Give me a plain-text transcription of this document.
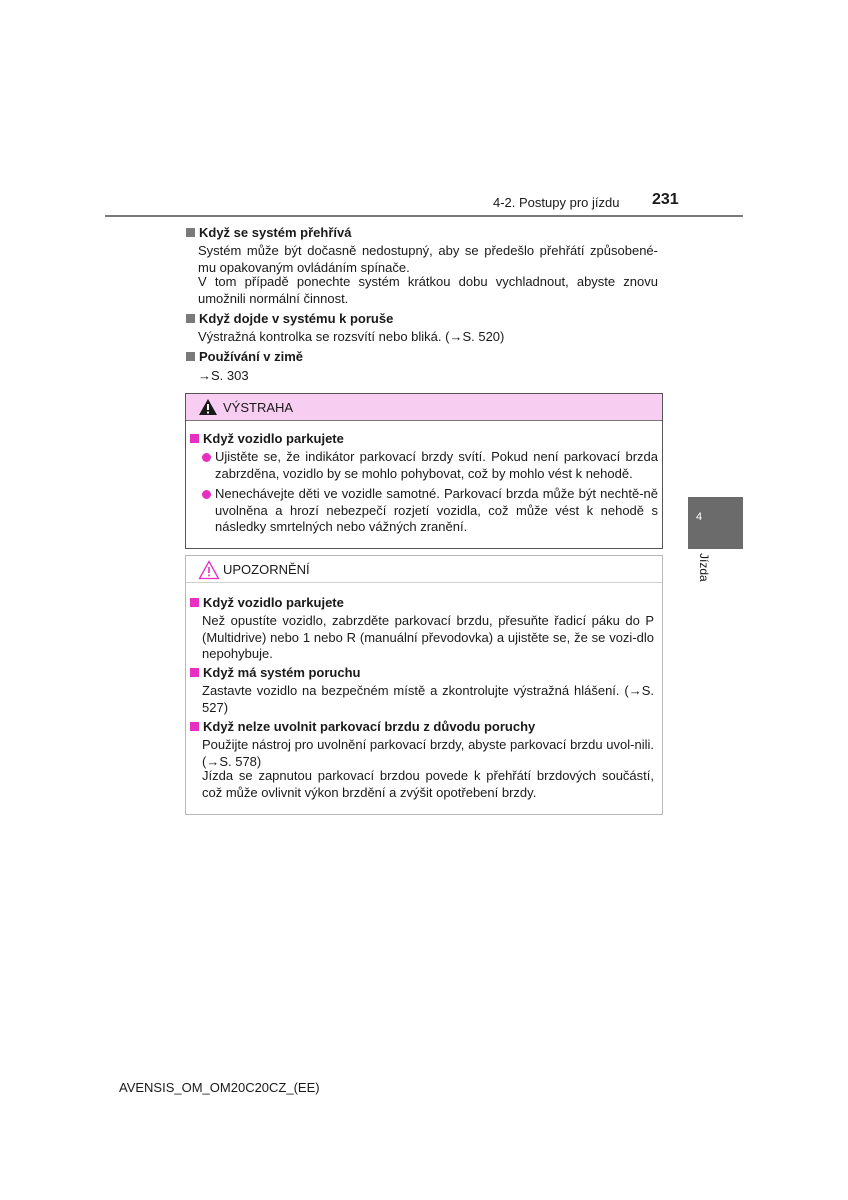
4-2. Postupy pro jízdu 231
4
Jízda
Když se systém přehřívá
Systém může být dočasně nedostupný, aby se předešlo přehřátí způsobené-mu opakovaným ovládáním spínače.
V tom případě ponechte systém krátkou dobu vychladnout, abyste znovu umožnili normální činnost.
Když dojde v systému k poruše
Výstražná kontrolka se rozsvítí nebo bliká. (→S. 520)
Používání v zimě
→S. 303
VÝSTRAHA
Když vozidlo parkujete
Ujistěte se, že indikátor parkovací brzdy svítí. Pokud není parkovací brzda zabrzděna, vozidlo by se mohlo pohybovat, což by mohlo vést k nehodě.
Nenechávejte děti ve vozidle samotné. Parkovací brzda může být nechtě-ně uvolněna a hrozí nebezpečí rozjetí vozidla, což může vést k nehodě s následky smrtelných nebo vážných zranění.
UPOZORNĚNÍ
Když vozidlo parkujete
Než opustíte vozidlo, zabrzděte parkovací brzdu, přesuňte řadicí páku do P (Multidrive) nebo 1 nebo R (manuální převodovka) a ujistěte se, že se vozi-dlo nepohybuje.
Když má systém poruchu
Zastavte vozidlo na bezpečném místě a zkontrolujte výstražná hlášení. (→S. 527)
Když nelze uvolnit parkovací brzdu z důvodu poruchy
Použijte nástroj pro uvolnění parkovací brzdy, abyste parkovací brzdu uvol-nili. (→S. 578)
Jízda se zapnutou parkovací brzdou povede k přehřátí brzdových součástí, což může ovlivnit výkon brzdění a zvýšit opotřebení brzdy.
AVENSIS_OM_OM20C20CZ_(EE)
